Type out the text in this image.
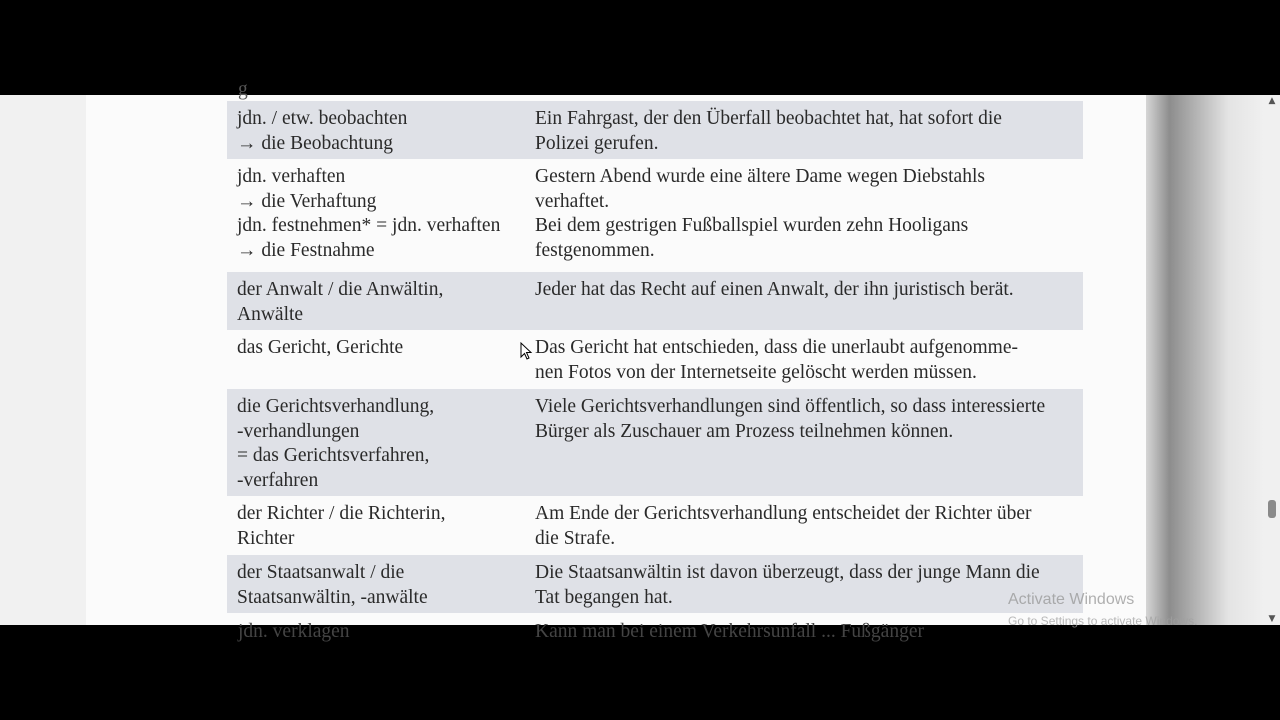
g
jdn. / etw. beobachten
→ die Beobachtung
Ein Fahrgast, der den Überfall beobachtet hat, hat sofort die
Polizei gerufen.
jdn. verhaften
→ die Verhaftung
jdn. festnehmen* = jdn. verhaften
→ die Festnahme
Gestern Abend wurde eine ältere Dame wegen Diebstahls
verhaftet.
Bei dem gestrigen Fußballspiel wurden zehn Hooligans
festgenommen.
der Anwalt / die Anwältin,
Anwälte
Jeder hat das Recht auf einen Anwalt, der ihn juristisch berät.
das Gericht, Gerichte	Das Gericht hat entschieden, dass die unerlaubt aufgenomme-
nen Fotos von der Internetseite gelöscht werden müssen.
die Gerichtsverhandlung,
-verhandlungen
= das Gerichtsverfahren,
-verfahren
Viele Gerichtsverhandlungen sind öffentlich, so dass interessierte
Bürger als Zuschauer am Prozess teilnehmen können.
der Richter / die Richterin,
Richter
Am Ende der Gerichtsverhandlung entscheidet der Richter über
die Strafe.
der Staatsanwalt / die
Staatsanwältin, -anwälte
Die Staatsanwältin ist davon überzeugt, dass der junge Mann die
Tat begangen hat.
jdn. verklagen	Kann man bei einem Verkehrsunfall ... Fußgänger
Activate Windows
Go to Settings to activate Windows.
▲
▼
